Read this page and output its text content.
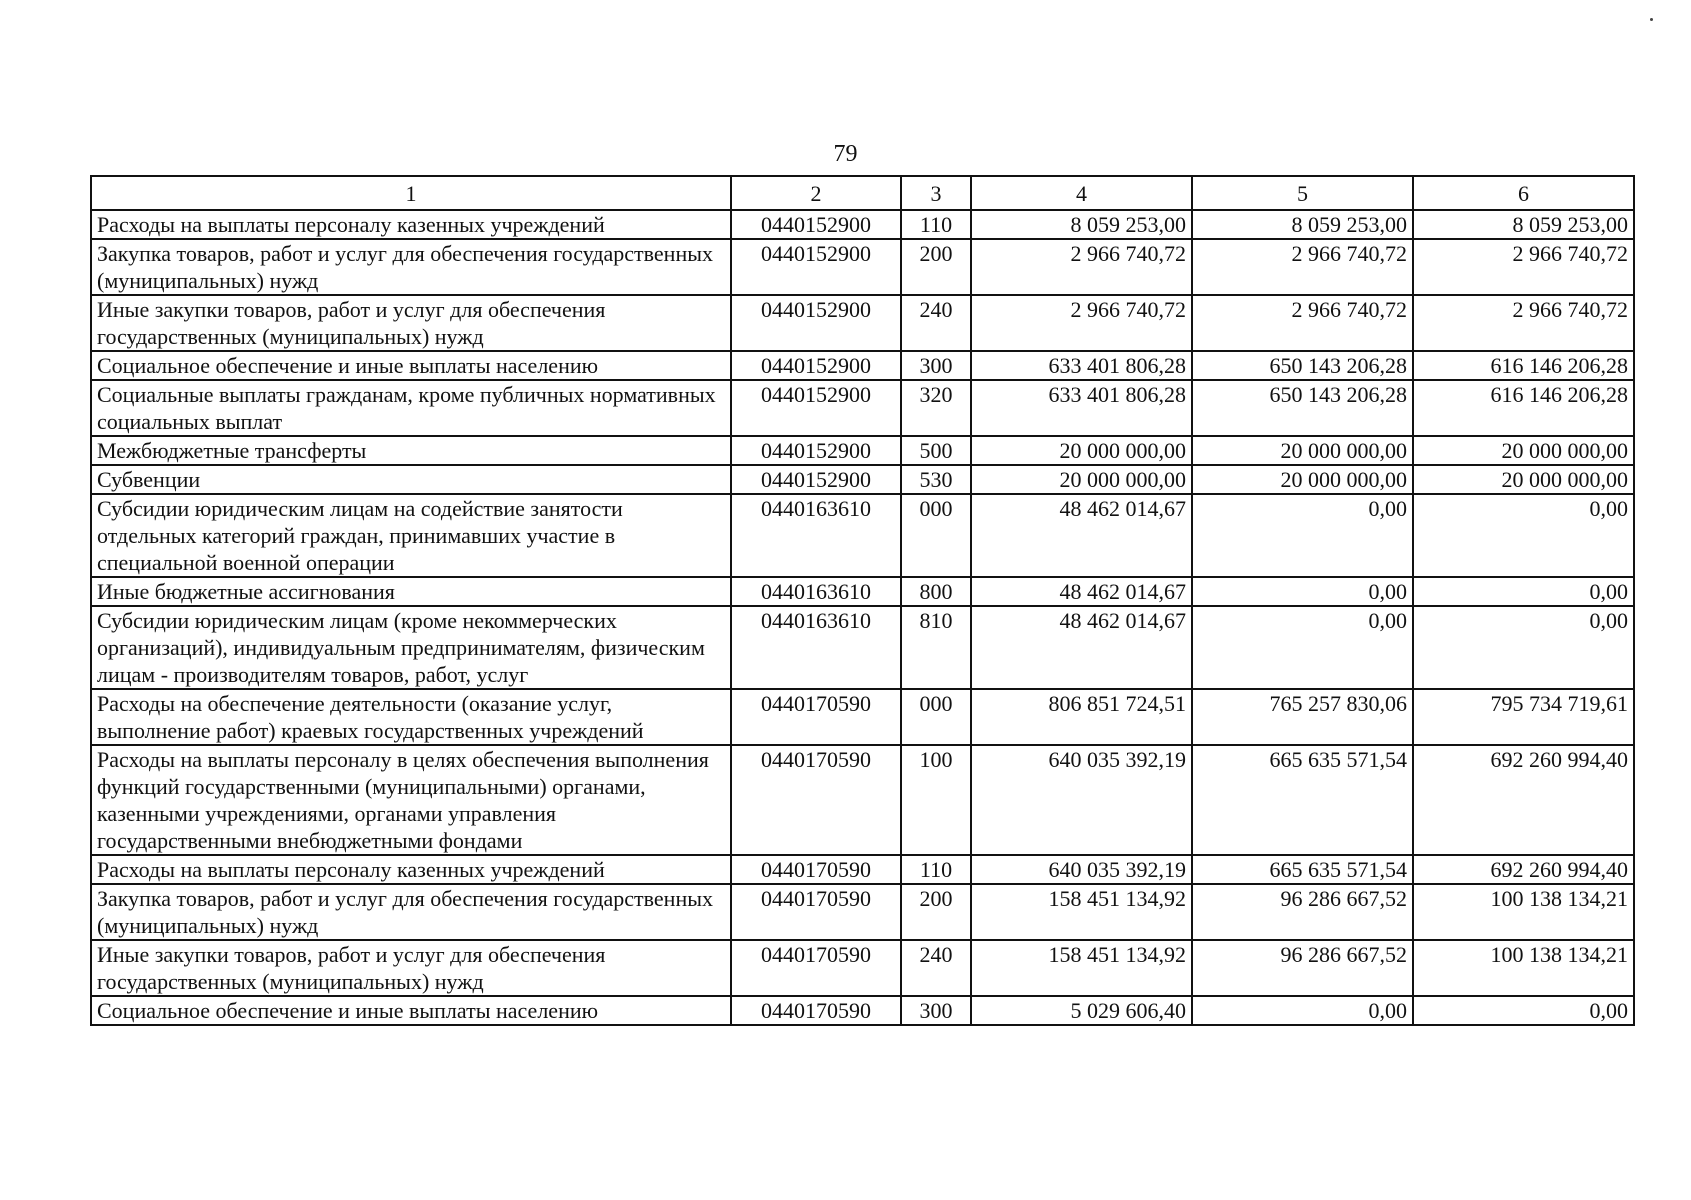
79
1	2	3	4	5	6
Расходы на выплаты персоналу казенных учреждений	0440152900	110	8 059 253,00	8 059 253,00	8 059 253,00
Закупка товаров, работ и услуг для обеспечения государственных (муниципальных) нужд	0440152900	200	2 966 740,72	2 966 740,72	2 966 740,72
Иные закупки товаров, работ и услуг для обеспечения государственных (муниципальных) нужд	0440152900	240	2 966 740,72	2 966 740,72	2 966 740,72
Социальное обеспечение и иные выплаты населению	0440152900	300	633 401 806,28	650 143 206,28	616 146 206,28
Социальные выплаты гражданам, кроме публичных нормативных социальных выплат	0440152900	320	633 401 806,28	650 143 206,28	616 146 206,28
Межбюджетные трансферты	0440152900	500	20 000 000,00	20 000 000,00	20 000 000,00
Субвенции	0440152900	530	20 000 000,00	20 000 000,00	20 000 000,00
Субсидии юридическим лицам на содействие занятости отдельных категорий граждан, принимавших участие в специальной военной операции	0440163610	000	48 462 014,67	0,00	0,00
Иные бюджетные ассигнования	0440163610	800	48 462 014,67	0,00	0,00
Субсидии юридическим лицам (кроме некоммерческих организаций), индивидуальным предпринимателям, физическим лицам - производителям товаров, работ, услуг	0440163610	810	48 462 014,67	0,00	0,00
Расходы на обеспечение деятельности (оказание услуг, выполнение работ) краевых государственных учреждений	0440170590	000	806 851 724,51	765 257 830,06	795 734 719,61
Расходы на выплаты персоналу в целях обеспечения выполнения функций государственными (муниципальными) органами, казенными учреждениями, органами управления государственными внебюджетными фондами	0440170590	100	640 035 392,19	665 635 571,54	692 260 994,40
Расходы на выплаты персоналу казенных учреждений	0440170590	110	640 035 392,19	665 635 571,54	692 260 994,40
Закупка товаров, работ и услуг для обеспечения государственных (муниципальных) нужд	0440170590	200	158 451 134,92	96 286 667,52	100 138 134,21
Иные закупки товаров, работ и услуг для обеспечения государственных (муниципальных) нужд	0440170590	240	158 451 134,92	96 286 667,52	100 138 134,21
Социальное обеспечение и иные выплаты населению	0440170590	300	5 029 606,40	0,00	0,00
